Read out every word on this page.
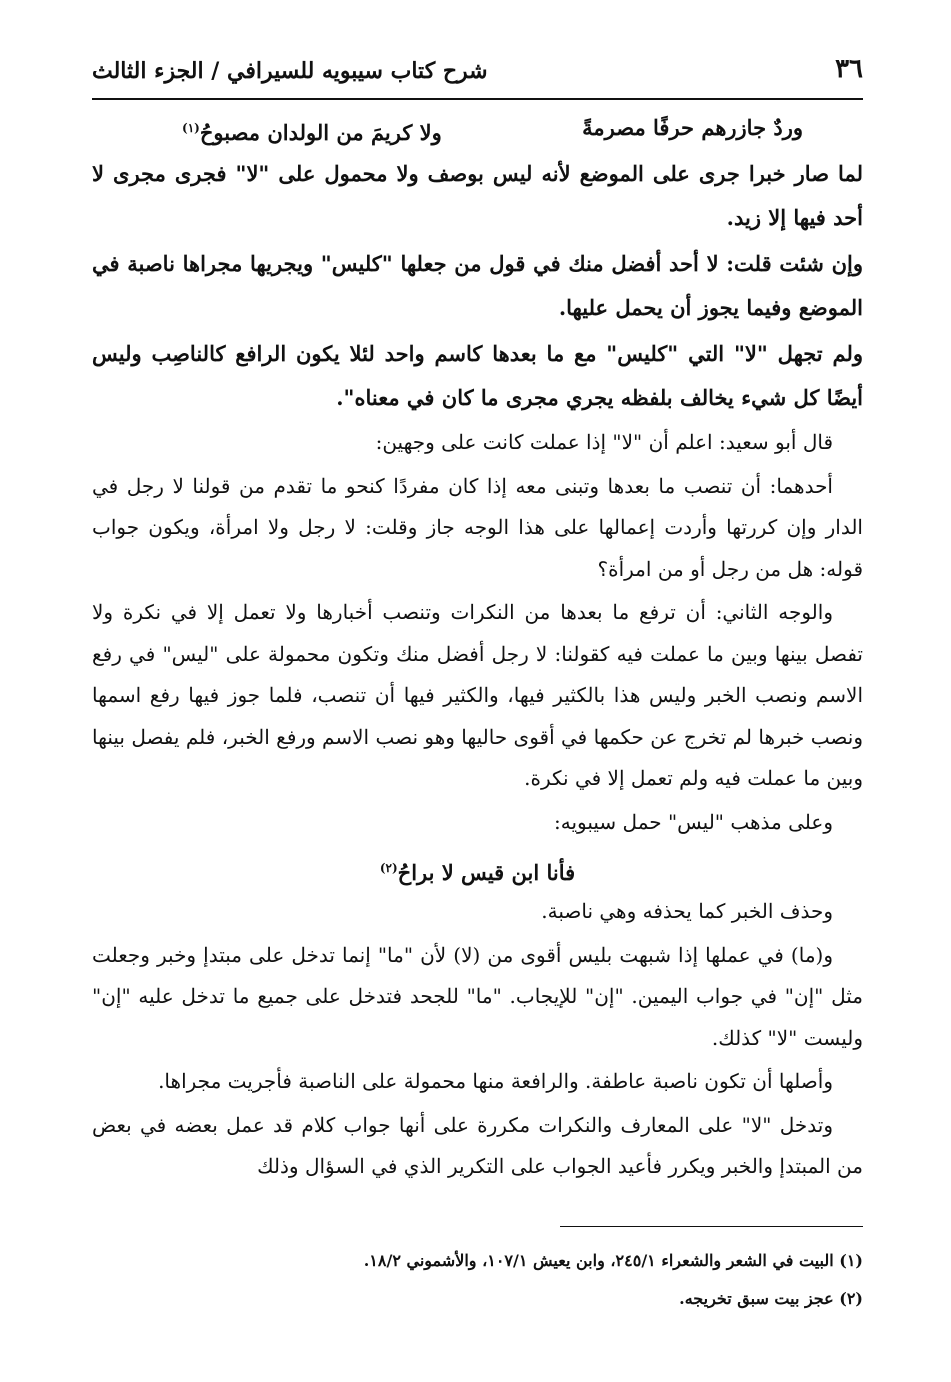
٣٦
شرح كتاب سيبويه للسيرافي / الجزء الثالث
وردٌ جازرهم حرفًا مصرمةً
ولا كريمَ من الولدان مصبوحُ$^{(١)}$

لما صار خبرا جرى على الموضع لأنه ليس بوصف ولا محمول على "لا" فجرى مجرى لا أحد فيها إلا زيد.

وإن شئت قلت: لا أحد أفضل منك في قول من جعلها "كليس" ويجريها مجراها ناصبة في الموضع وفيما يجوز أن يحمل عليها.

ولم تجهل "لا" التي "كليس" مع ما بعدها كاسم واحد لئلا يكون الرافع كالناصِب وليس أيضًا كل شيء يخالف بلفظه يجري مجرى ما كان في معناه".

قال أبو سعيد: اعلم أن "لا" إذا عملت كانت على وجهين:

أحدهما: أن تنصب ما بعدها وتبنى معه إذا كان مفردًا كنحو ما تقدم من قولنا لا رجل في الدار وإن كررتها وأردت إعمالها على هذا الوجه جاز وقلت: لا رجل ولا امرأة، ويكون جواب قوله: هل من رجل أو من امرأة؟

والوجه الثاني: أن ترفع ما بعدها من النكرات وتنصب أخبارها ولا تعمل إلا في نكرة ولا تفصل بينها وبين ما عملت فيه كقولنا: لا رجل أفضل منك وتكون محمولة على "ليس" في رفع الاسم ونصب الخبر وليس هذا بالكثير فيها، والكثير فيها أن تنصب، فلما جوز فيها رفع اسمها ونصب خبرها لم تخرج عن حكمها في أقوى حاليها وهو نصب الاسم ورفع الخبر، فلم يفصل بينها وبين ما عملت فيه ولم تعمل إلا في نكرة.

وعلى مذهب "ليس" حمل سيبويه:

فأنا ابن قيس لا براحُ$^{(٢)}$

وحذف الخبر كما يحذفه وهي ناصبة.

و(ما) في عملها إذا شبهت بليس أقوى من (لا) لأن "ما" إنما تدخل على مبتدإ وخبر وجعلت مثل "إن" في جواب اليمين. "إن" للإيجاب. "ما" للجحد فتدخل على جميع ما تدخل عليه "إن" وليست "لا" كذلك.

وأصلها أن تكون ناصبة عاطفة. والرافعة منها محمولة على الناصبة فأجريت مجراها.

وتدخل "لا" على المعارف والنكرات مكررة على أنها جواب كلام قد عمل بعضه في بعض من المبتدإ والخبر ويكرر فأعيد الجواب على التكرير الذي في السؤال وذلك

(١) البيت في الشعر والشعراء ٢٤٥/١، وابن يعيش ١٠٧/١، والأشموني ١٨/٢.
(٢) عجز بيت سبق تخريجه.
